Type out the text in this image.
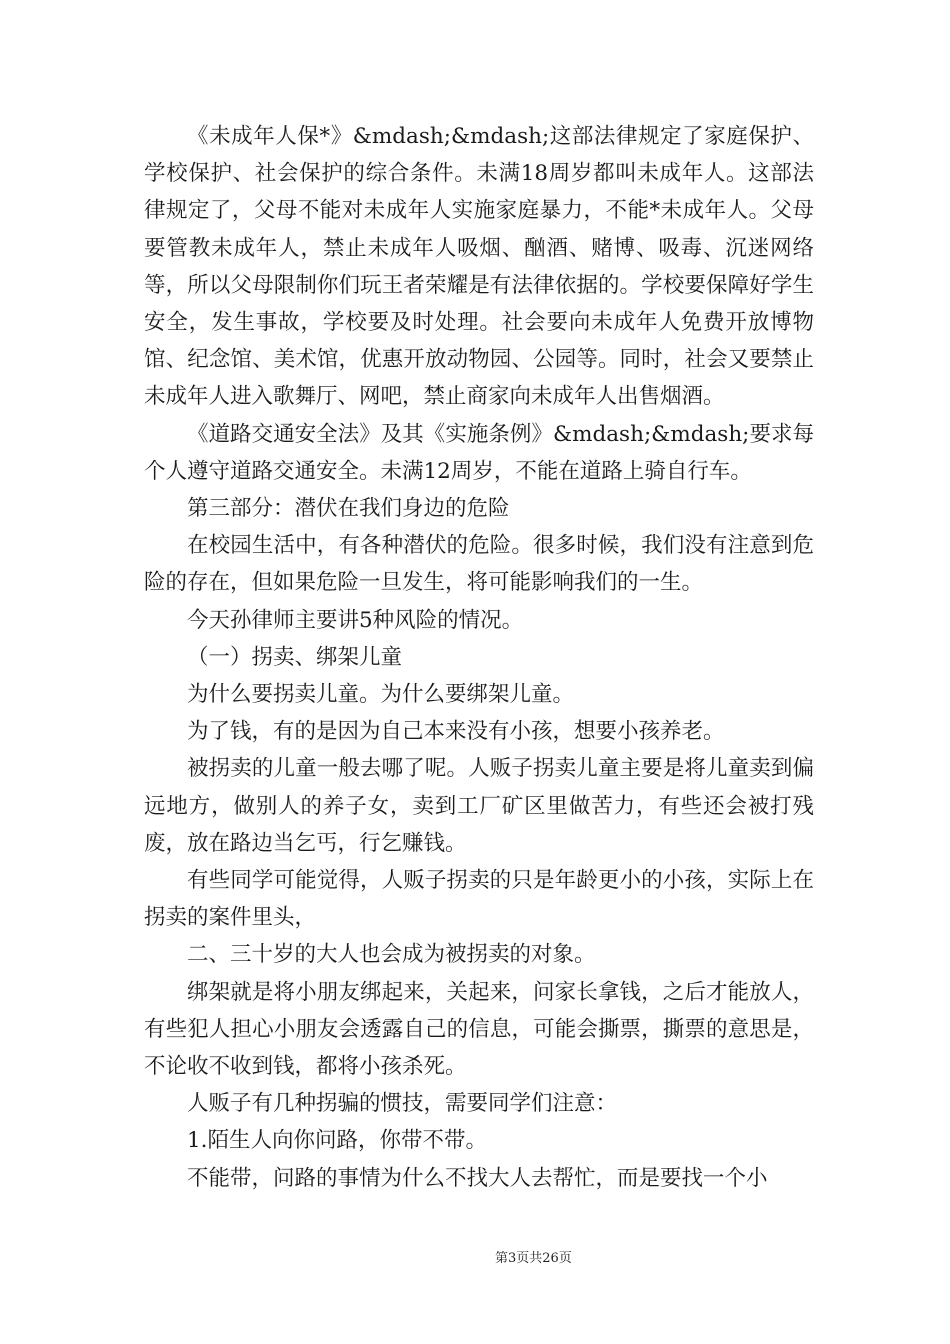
《未成年人保*》&mdash;&mdash;这部法律规定了家庭保护、学校保护、社会保护的综合条件。未满18周岁都叫未成年人。这部法律规定了，父母不能对未成年人实施家庭暴力，不能*未成年人。父母要管教未成年人，禁止未成年人吸烟、酗酒、赌博、吸毒、沉迷网络等，所以父母限制你们玩王者荣耀是有法律依据的。学校要保障好学生安全，发生事故，学校要及时处理。社会要向未成年人免费开放博物馆、纪念馆、美术馆，优惠开放动物园、公园等。同时，社会又要禁止未成年人进入歌舞厅、网吧，禁止商家向未成年人出售烟酒。

《道路交通安全法》及其《实施条例》&mdash;&mdash;要求每个人遵守道路交通安全。未满12周岁，不能在道路上骑自行车。

第三部分：潜伏在我们身边的危险

在校园生活中，有各种潜伏的危险。很多时候，我们没有注意到危险的存在，但如果危险一旦发生，将可能影响我们的一生。

今天孙律师主要讲5种风险的情况。

（一）拐卖、绑架儿童

为什么要拐卖儿童。为什么要绑架儿童。

为了钱，有的是因为自己本来没有小孩，想要小孩养老。

被拐卖的儿童一般去哪了呢。人贩子拐卖儿童主要是将儿童卖到偏远地方，做别人的养子女，卖到工厂矿区里做苦力，有些还会被打残废，放在路边当乞丐，行乞赚钱。

有些同学可能觉得，人贩子拐卖的只是年龄更小的小孩，实际上在拐卖的案件里头，

二、三十岁的大人也会成为被拐卖的对象。

绑架就是将小朋友绑起来，关起来，问家长拿钱，之后才能放人，有些犯人担心小朋友会透露自己的信息，可能会撕票，撕票的意思是，不论收不收到钱，都将小孩杀死。

人贩子有几种拐骗的惯技，需要同学们注意：

1.陌生人向你问路，你带不带。

不能带，问路的事情为什么不找大人去帮忙，而是要找一个小

第3页共26页
